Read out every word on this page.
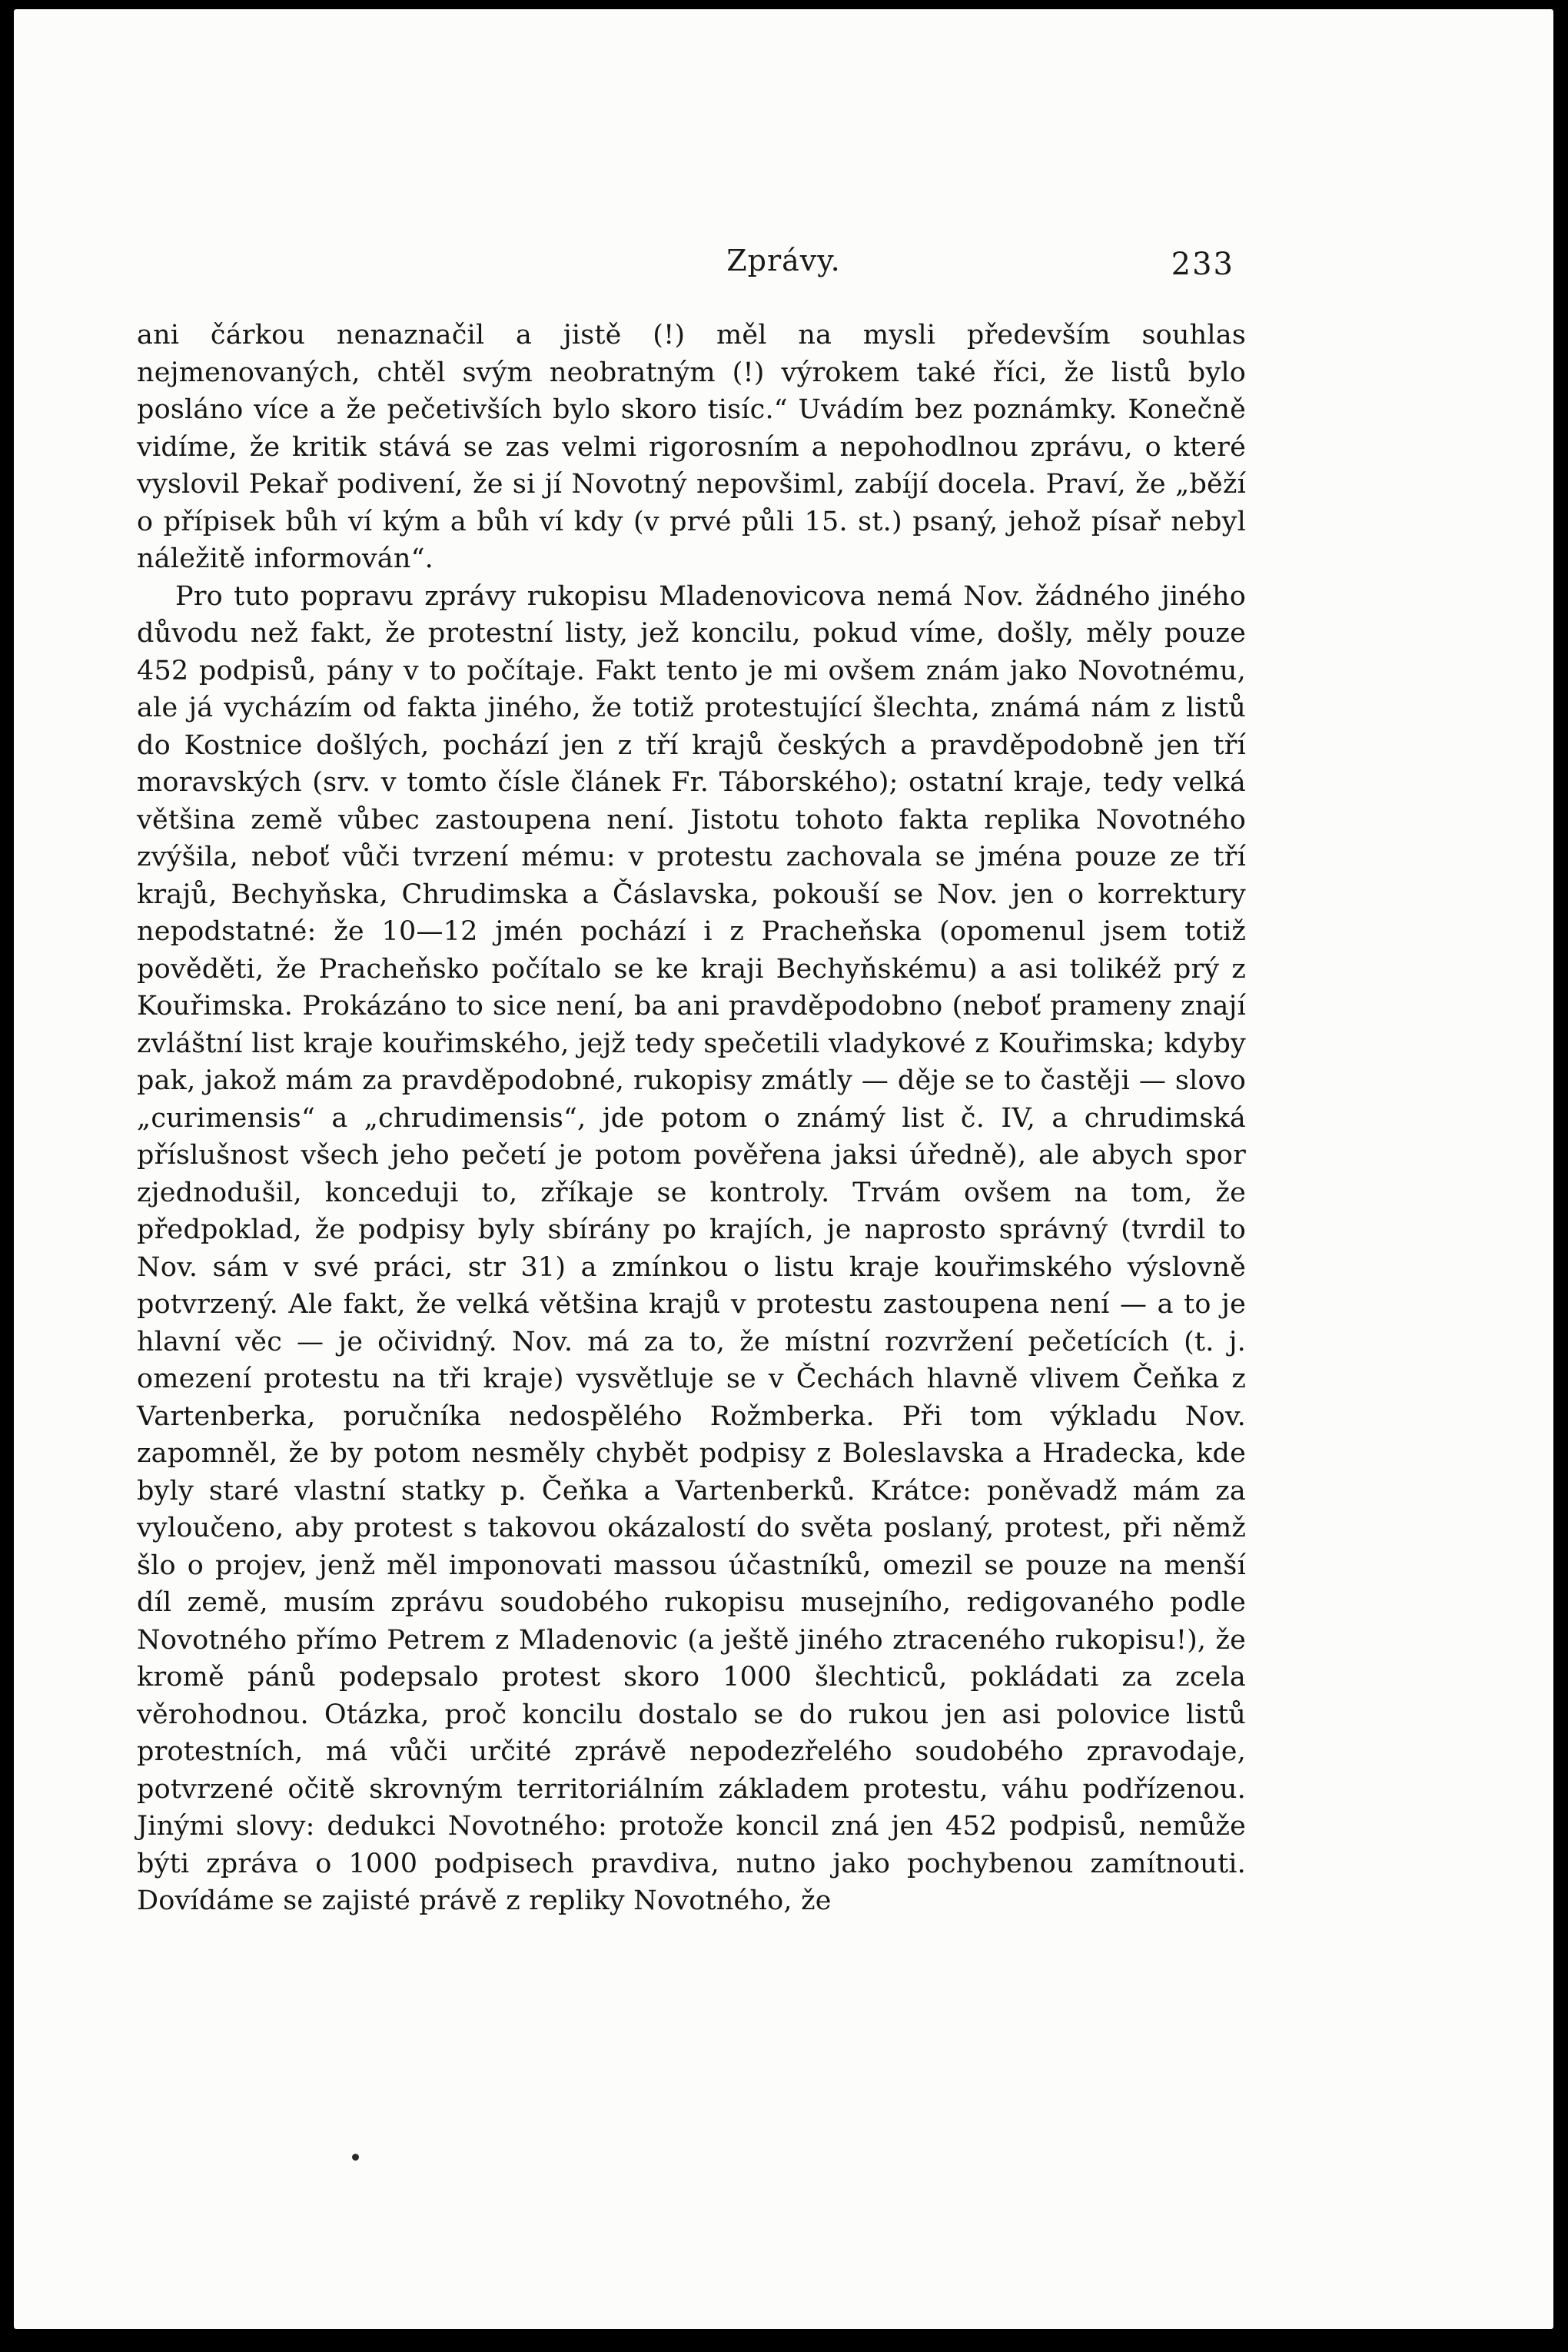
Zprávy.	233

ani čárkou nenaznačil a jistě (!) měl na mysli především souhlas nejmenovaných, chtěl svým neobratným (!) výrokem také říci, že listů bylo posláno více a že pečetivších bylo skoro tisíc.“ Uvádím bez poznámky. Konečně vidíme, že kritik stává se zas velmi rigorosním a nepohodlnou zprávu, o které vyslovil Pekař podivení, že si jí Novotný nepovšiml, zabíjí docela. Praví, že „běží o přípisek bůh ví kým a bůh ví kdy (v prvé půli 15. st.) psaný, jehož písař nebyl náležitě informován“.

Pro tuto popravu zprávy rukopisu Mladenovicova nemá Nov. žádného jiného důvodu než fakt, že protestní listy, jež koncilu, pokud víme, došly, měly pouze 452 podpisů, pány v to počítaje. Fakt tento je mi ovšem znám jako Novotnému, ale já vycházím od fakta jiného, že totiž protestující šlechta, známá nám z listů do Kostnice došlých, pochází jen z tří krajů českých a pravděpodobně jen tří moravských (srv. v tomto čísle článek Fr. Táborského); ostatní kraje, tedy velká většina země vůbec zastoupena není. Jistotu tohoto fakta replika Novotného zvýšila, neboť vůči tvrzení mému: v protestu zachovala se jména pouze ze tří krajů, Bechyňska, Chrudimska a Čáslavska, pokouší se Nov. jen o korrektury nepodstatné: že 10—12 jmén pochází i z Pracheňska (opomenul jsem totiž pověděti, že Pracheňsko počítalo se ke kraji Bechyňskému) a asi tolikéž prý z Kouřimska. Prokázáno to sice není, ba ani pravděpodobno (neboť prameny znají zvláštní list kraje kouřimského, jejž tedy spečetili vladykové z Kouřimska; kdyby pak, jakož mám za pravděpodobné, rukopisy zmátly — děje se to častěji — slovo „curimensis“ a „chrudimensis“, jde potom o známý list č. IV, a chrudimská příslušnost všech jeho pečetí je potom pověřena jaksi úředně), ale abych spor zjednodušil, konceduji to, zříkaje se kontroly. Trvám ovšem na tom, že předpoklad, že podpisy byly sbírány po krajích, je naprosto správný (tvrdil to Nov. sám v své práci, str 31) a zmínkou o listu kraje kouřimského výslovně potvrzený. Ale fakt, že velká většina krajů v protestu zastoupena není — a to je hlavní věc — je očividný. Nov. má za to, že místní rozvržení pečetících (t. j. omezení protestu na tři kraje) vysvětluje se v Čechách hlavně vlivem Čeňka z Vartenberka, poručníka nedospělého Rožmberka. Při tom výkladu Nov. zapomněl, že by potom nesměly chybět podpisy z Boleslavska a Hradecka, kde byly staré vlastní statky p. Čeňka a Vartenberků. Krátce: poněvadž mám za vyloučeno, aby protest s takovou okázalostí do světa poslaný, protest, při němž šlo o projev, jenž měl imponovati massou účastníků, omezil se pouze na menší díl země, musím zprávu soudobého rukopisu musejního, redigovaného podle Novotného přímo Petrem z Mladenovic (a ještě jiného ztraceného rukopisu!), že kromě pánů podepsalo protest skoro 1000 šlechticů, pokládati za zcela věrohodnou. Otázka, proč koncilu dostalo se do rukou jen asi polovice listů protestních, má vůči určité zprávě nepodezřelého soudobého zpravodaje, potvrzené očitě skrovným territoriálním základem protestu, váhu podřízenou. Jinými slovy: dedukci Novotného: protože koncil zná jen 452 podpisů, nemůže býti zpráva o 1000 podpisech pravdiva, nutno jako pochybenou zamítnouti. Dovídáme se zajisté právě z repliky Novotného, že
